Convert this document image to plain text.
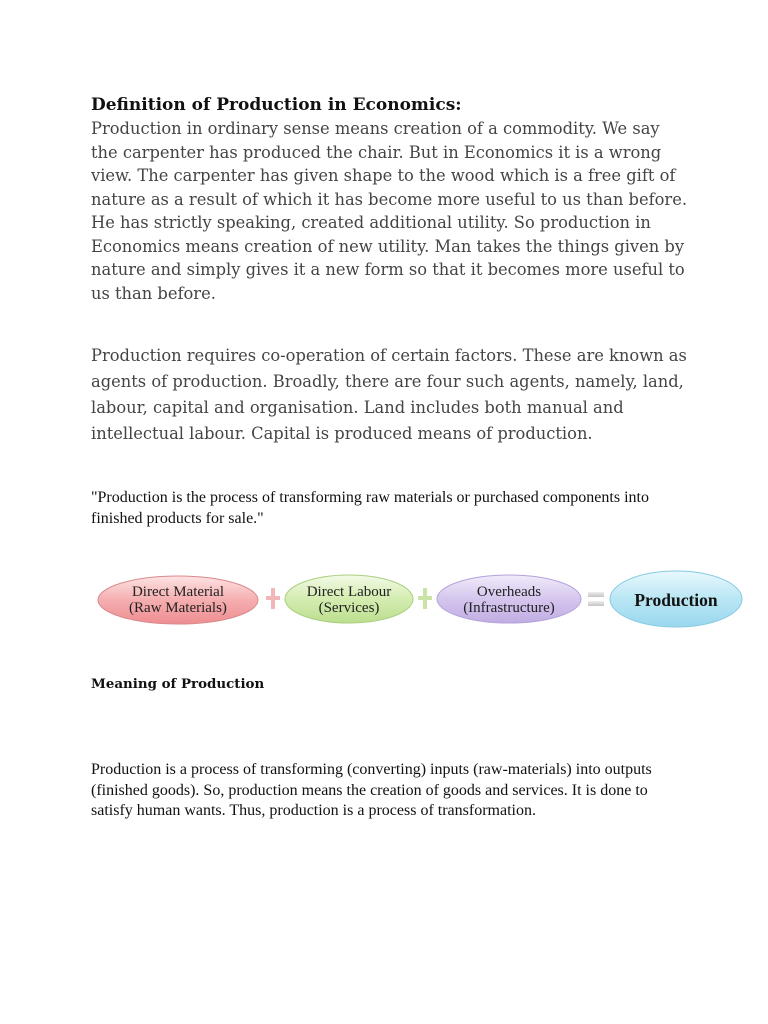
Definition of Production in Economics:

Production in ordinary sense means creation of a commodity. We say the carpenter has produced the chair. But in Economics it is a wrong view. The carpenter has given shape to the wood which is a free gift of nature as a result of which it has become more useful to us than before. He has strictly speaking, created additional utility. So production in Economics means creation of new utility. Man takes the things given by nature and simply gives it a new form so that it becomes more useful to us than before.

Production requires co-operation of certain factors. These are known as agents of production. Broadly, there are four such agents, namely, land, labour, capital and organisation. Land includes both manual and intellectual labour. Capital is produced means of production.

"Production is the process of transforming raw materials or purchased components into finished products for sale."

Direct Material
(Raw Materials)
Direct Labour
(Services)
Overheads
(Infrastructure)	Production
Meaning of Production

Production is a process of transforming (converting) inputs (raw-materials) into outputs (finished goods). So, production means the creation of goods and services. It is done to satisfy human wants. Thus, production is a process of transformation.
